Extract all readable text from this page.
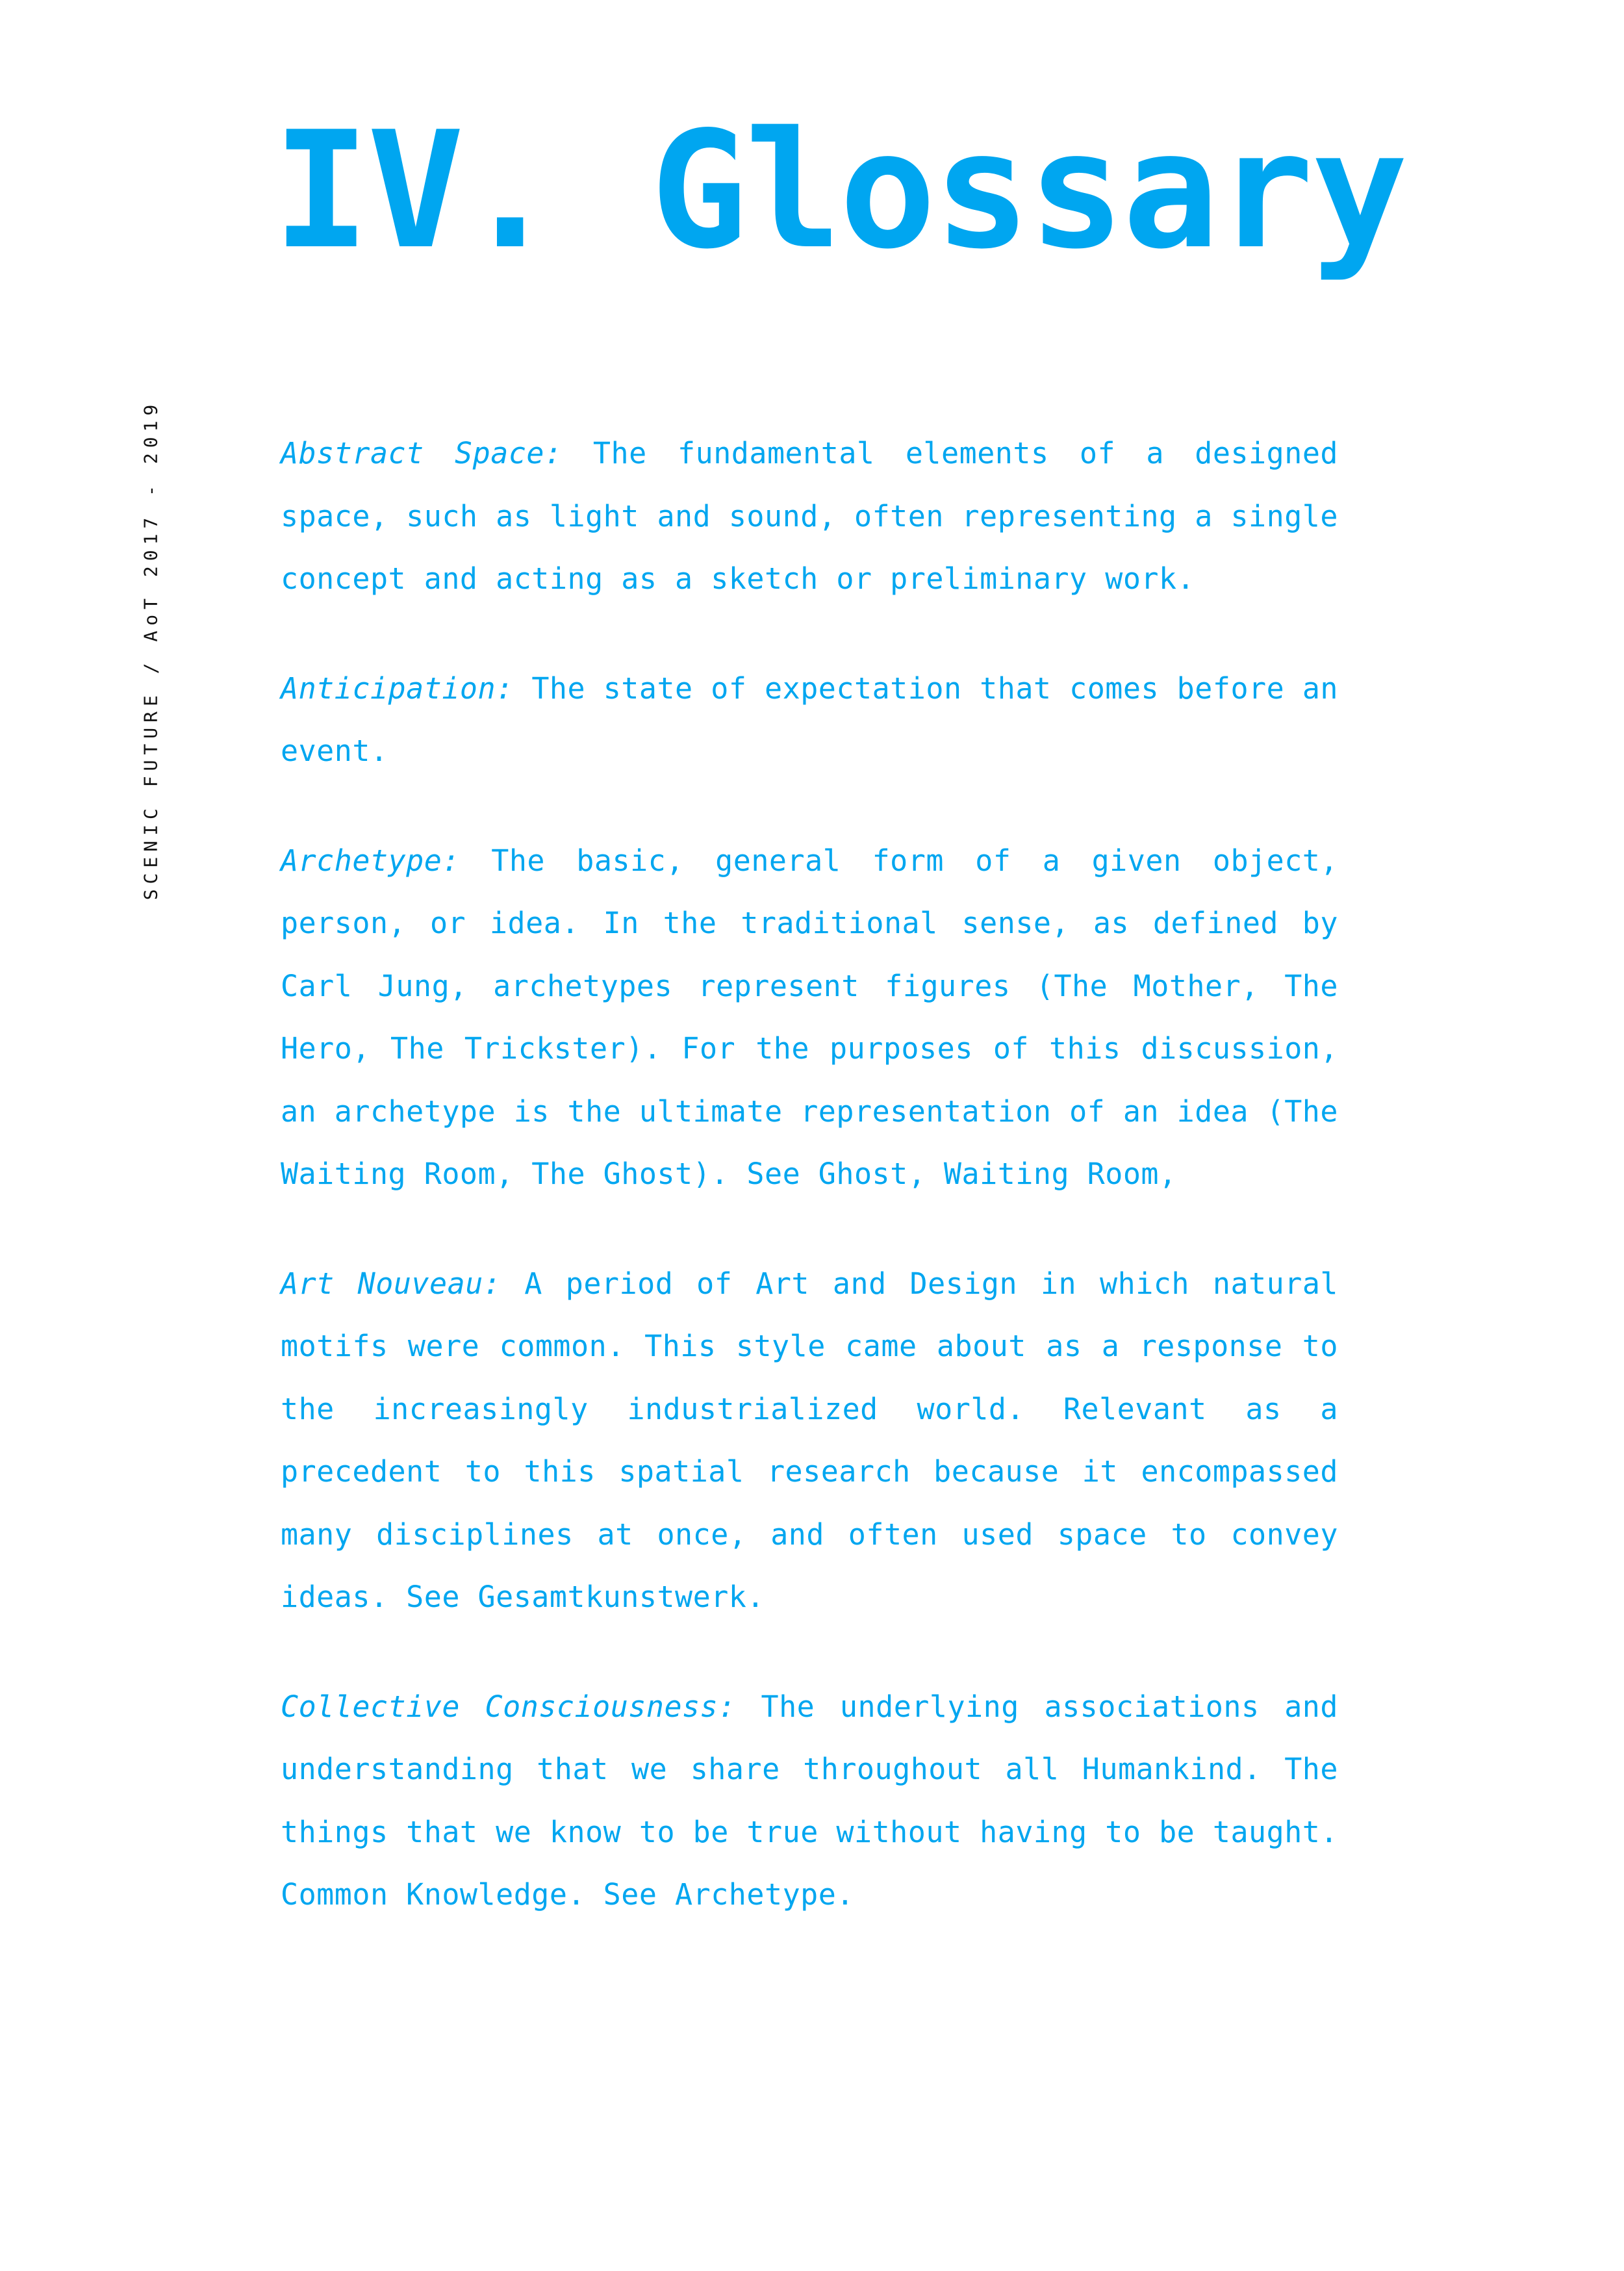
SCENIC FUTURE / AoT 2017 - 2019
IV. Glossary

Abstract Space: The fundamental elements of a designed space, such as light and sound, often representing a single concept and acting as a sketch or preliminary work.

Anticipation: The state of expectation that comes before an event.

Archetype: The basic, general form of a given object, person, or idea. In the traditional sense, as defined by Carl Jung, archetypes represent figures (The Mother, The Hero, The Trickster). For the purposes of this discussion, an archetype is the ultimate representation of an idea (The Waiting Room, The Ghost). See Ghost, Waiting Room,

Art Nouveau: A period of Art and Design in which natural motifs were common. This style came about as a response to the increasingly industrialized world. Relevant as a precedent to this spatial research because it encompassed many disciplines at once, and often used space to convey ideas. See Gesamtkunstwerk.

Collective Consciousness: The underlying associations and understanding that we share throughout all Humankind. The things that we know to be true without having to be taught. Common Knowledge. See Archetype.
